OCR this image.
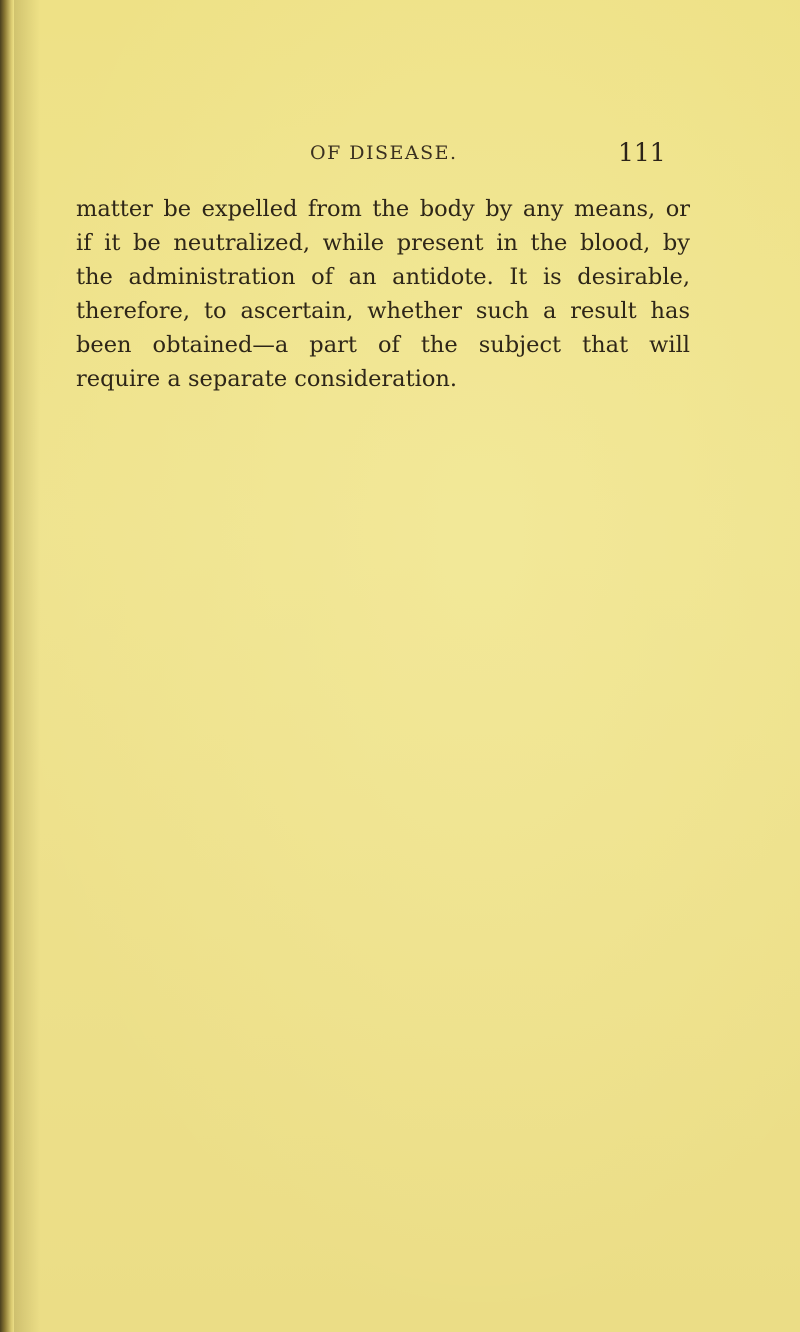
OF DISEASE.	111
matter be expelled from the body by any means, or
if it be neutralized, while present in the blood, by
the administration of an antidote. It is desirable,
therefore, to ascertain, whether such a result has
been obtained—a part of the subject that will
require a separate consideration.
